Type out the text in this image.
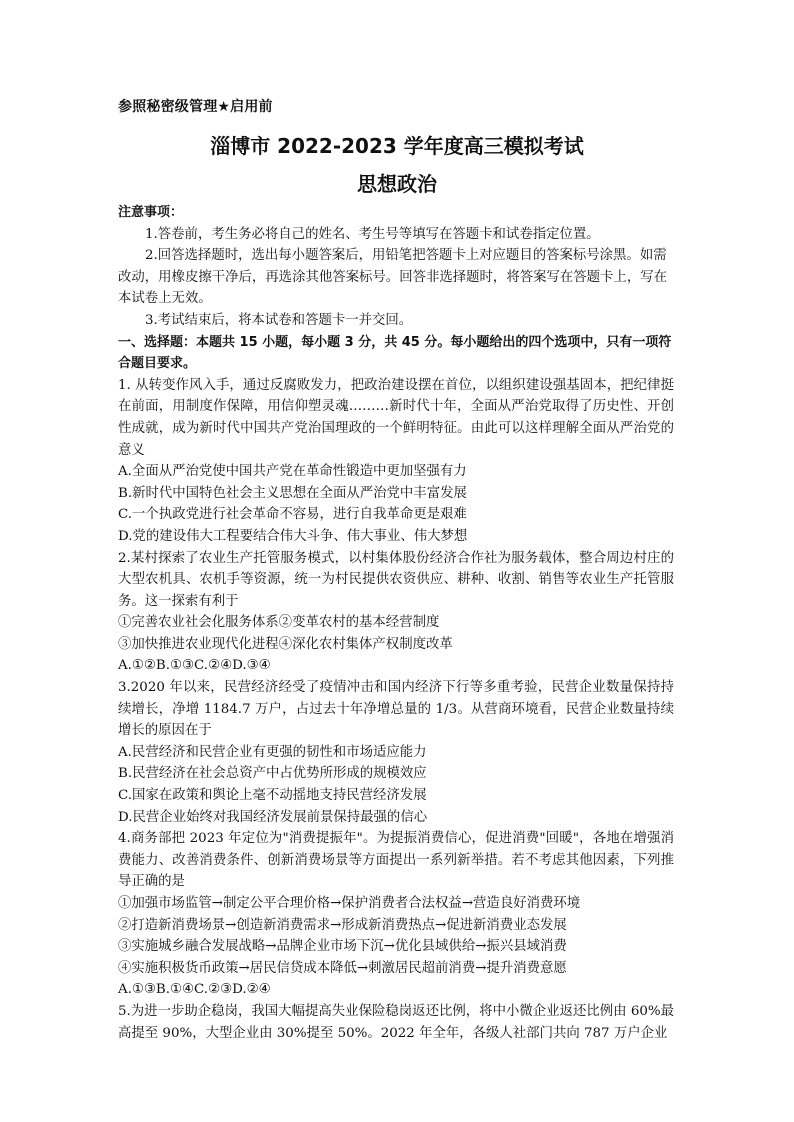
参照秘密级管理★启用前
淄博市 2022-2023 学年度高三模拟考试
思想政治

注意事项：

1.答卷前，考生务必将自己的姓名、考生号等填写在答题卡和试卷指定位置。

2.回答选择题时，选出每小题答案后，用铅笔把答题卡上对应题目的答案标号涂黑。如需改动，用橡皮擦干净后，再选涂其他答案标号。回答非选择题时，将答案写在答题卡上，写在本试卷上无效。

3.考试结束后，将本试卷和答题卡一并交回。

一、选择题：本题共 15 小题，每小题 3 分，共 45 分。每小题给出的四个选项中，只有一项符合题目要求。

1. 从转变作风入手，通过反腐败发力，把政治建设摆在首位，以组织建设强基固本，把纪律挺在前面，用制度作保障，用信仰塑灵魂………新时代十年，全面从严治党取得了历史性、开创性成就，成为新时代中国共产党治国理政的一个鲜明特征。由此可以这样理解全面从严治党的意义

A.全面从严治党使中国共产党在革命性锻造中更加坚强有力

B.新时代中国特色社会主义思想在全面从严治党中丰富发展

C.一个执政党进行社会革命不容易，进行自我革命更是艰难

D.党的建设伟大工程要结合伟大斗争、伟大事业、伟大梦想

2.某村探索了农业生产托管服务模式，以村集体股份经济合作社为服务载体，整合周边村庄的大型农机具、农机手等资源，统一为村民提供农资供应、耕种、收割、销售等农业生产托管服务。这一探索有利于

①完善农业社会化服务体系②变革农村的基本经营制度

③加快推进农业现代化进程④深化农村集体产权制度改革

A.①②B.①③C.②④D.③④

3.2020 年以来，民营经济经受了疫情冲击和国内经济下行等多重考验，民营企业数量保持持续增长，净增 1184.7 万户，占过去十年净增总量的 1/3。从营商环境看，民营企业数量持续增长的原因在于

A.民营经济和民营企业有更强的韧性和市场适应能力

B.民营经济在社会总资产中占优势所形成的规模效应

C.国家在政策和舆论上毫不动摇地支持民营经济发展

D.民营企业始终对我国经济发展前景保持最强的信心

4.商务部把 2023 年定位为"消费提振年"。为提振消费信心，促进消费"回暖"，各地在增强消费能力、改善消费条件、创新消费场景等方面提出一系列新举措。若不考虑其他因素，下列推导正确的是

①加强市场监管→制定公平合理价格→保护消费者合法权益→营造良好消费环境

②打造新消费场景→创造新消费需求→形成新消费热点→促进新消费业态发展

③实施城乡融合发展战略→品牌企业市场下沉→优化县域供给→振兴县域消费

④实施积极货币政策→居民信贷成本降低→刺激居民超前消费→提升消费意愿

A.①③B.①④C.②③D.②④

5.为进一步助企稳岗，我国大幅提高失业保险稳岗返还比例，将中小微企业返还比例由 60%最高提至 90%，大型企业由 30%提至 50%。2022 年全年，各级人社部门共向 787 万户企业
